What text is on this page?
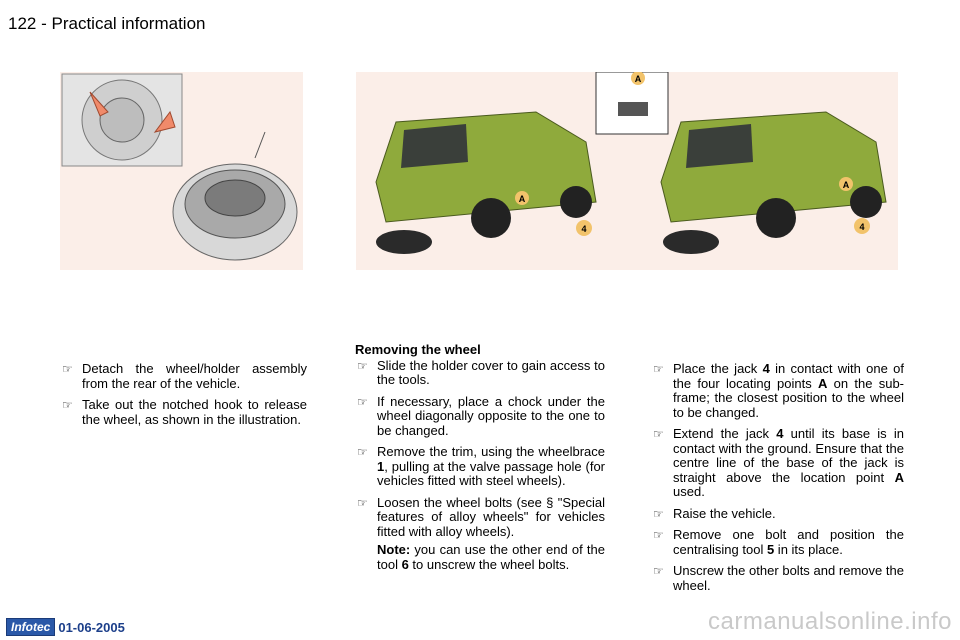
122 - Practical information
A
A
4
A
4
☞ Detach the wheel/holder assembly from the rear of the vehicle.
☞ Take out the notched hook to release the wheel, as shown in the illustration.
Removing the wheel
☞ Slide the holder cover to gain access to the tools.
☞ If necessary, place a chock under the wheel diagonally opposite to the one to be changed.
☞ Remove the trim, using the wheelbrace 1, pulling at the valve passage hole (for vehicles fitted with steel wheels).
☞ Loosen the wheel bolts (see § "Special features of alloy wheels" for vehicles fitted with alloy wheels).
Note: you can use the other end of the tool 6 to unscrew the wheel bolts.
☞ Place the jack 4 in contact with one of the four locating points A on the sub-frame; the closest position to the wheel to be changed.
☞ Extend the jack 4 until its base is in contact with the ground. Ensure that the centre line of the base of the jack is straight above the location point A used.
☞ Raise the vehicle.
☞ Remove one bolt and position the centralising tool 5 in its place.
☞ Unscrew the other bolts and remove the wheel.
Infotec 01-06-2005	carmanualsonline.info
